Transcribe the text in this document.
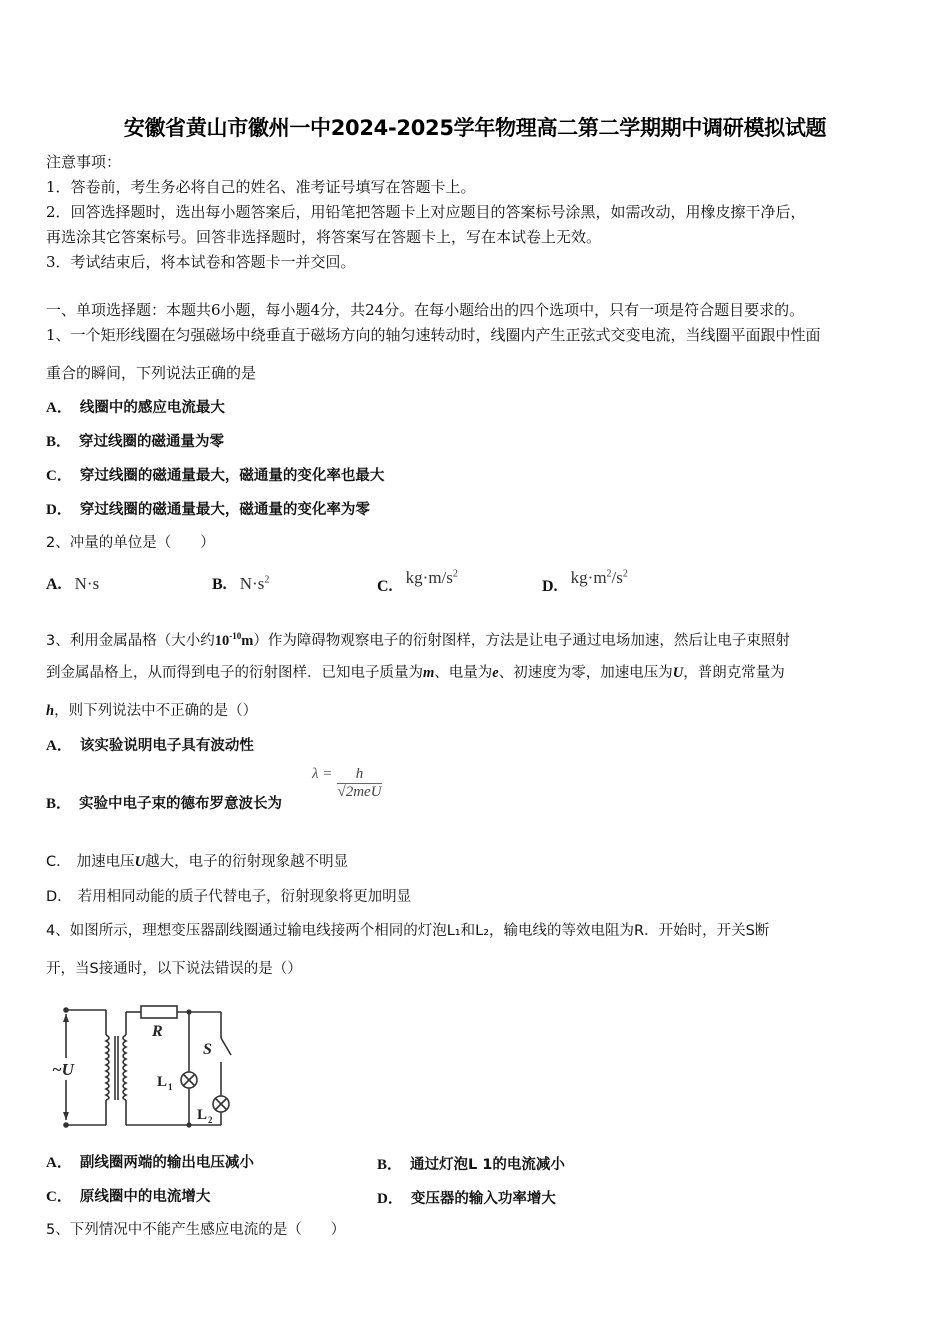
安徽省黄山市徽州一中2024-2025学年物理高二第二学期期中调研模拟试题
注意事项：
1．答卷前，考生务必将自己的姓名、准考证号填写在答题卡上。
2．回答选择题时，选出每小题答案后，用铅笔把答题卡上对应题目的答案标号涂黑，如需改动，用橡皮擦干净后，
再选涂其它答案标号。回答非选择题时，将答案写在答题卡上，写在本试卷上无效。
3．考试结束后，将本试卷和答题卡一并交回。
一、单项选择题：本题共6小题，每小题4分，共24分。在每小题给出的四个选项中，只有一项是符合题目要求的。
1、一个矩形线圈在匀强磁场中绕垂直于磁场方向的轴匀速转动时，线圈内产生正弦式交变电流，当线圈平面跟中性面
重合的瞬间，下列说法正确的是
A． 线圈中的感应电流最大
B． 穿过线圈的磁通量为零
C． 穿过线圈的磁通量最大，磁通量的变化率也最大
D． 穿过线圈的磁通量最大，磁通量的变化率为零
2、冲量的单位是（　　）
A. N·s	B. $N\cdot s^2$	C. $kg\cdot m/s^2$
D. $kg\cdot m^2/s^2$
3、利用金属晶格（大小约$10^{-10}m$）作为障碍物观察电子的衍射图样，方法是让电子通过电场加速，然后让电子束照射
到金属晶格上，从而得到电子的衍射图样．已知电子质量为m、电量为e、初速度为零，加速电压为U，普朗克常量为
h，则下列说法中不正确的是（）
A． 该实验说明电子具有波动性
B． 实验中电子束的德布罗意波长为
$\lambda = \frac{h}{\text{√2meU}}$
C． 加速电压U越大，电子的衍射现象越不明显
D． 若用相同动能的质子代替电子，衍射现象将更加明显
4、如图所示，理想变压器副线圈通过输电线接两个相同的灯泡L₁和L₂，输电线的等效电阻为R．开始时，开关S断
开，当S接通时，以下说法错误的是（）
~U
R
S
L 1
L 2
A． 副线圈两端的输出电压减小	B． 通过灯泡L 1的电流减小
C． 原线圈中的电流增大	D． 变压器的输入功率增大
5、下列情况中不能产生感应电流的是（　　）
